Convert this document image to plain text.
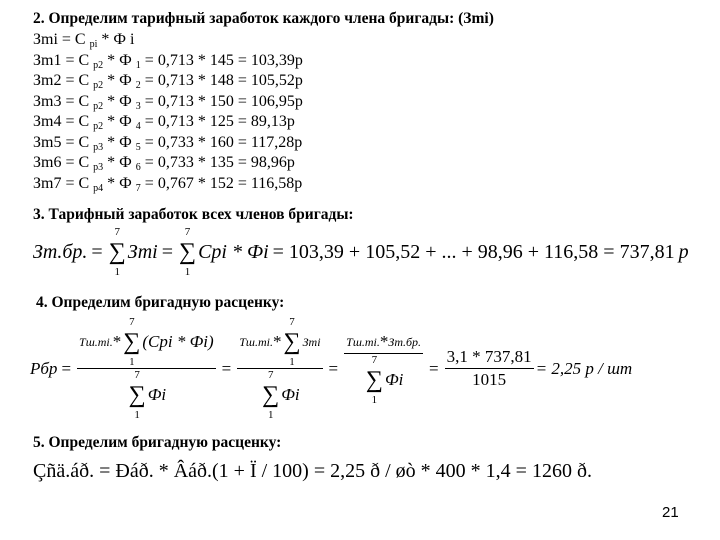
2. Определим тарифный заработок каждого члена бригады: (Зmi)
Зmi = С $_{pi}$ * Ф i
Зm1 = С $_{p2}$ * Ф $_1$ = 0,713 * 145 = 103,39р
Зm2 = С $_{p2}$ * Ф $_2$ = 0,713 * 148 = 105,52р
Зm3 = С $_{p2}$ * Ф $_3$ = 0,713 * 150 = 106,95р
Зm4 = С $_{p2}$ * Ф $_4$ = 0,713 * 125 = 89,13р
Зm5 = С $_{p3}$ * Ф $_5$ = 0,733 * 160 = 117,28р
Зm6 = С $_{p3}$ * Ф $_6$ = 0,733 * 135 = 98,96р
Зm7 = С $_{p4}$ * Ф $_7$ = 0,767 * 152 = 116,58р
3. Тарифный заработок всех членов бригады:
Зm.бр. =
7
∑
1
Зmi =
7
∑
1
Cpi * Фi = 103,39 + 105,52 + ... + 98,96 + 116,58 = 737,81 p
4. Определим бригадную расценку:
Pбр = Tш.mi. *
7
∑
1
(Cpi * Фi)
7
∑
1
Фi = Tш.mi. *
7
∑
1
Зmi
7
∑
1
Фi = Tш.mi. * Зm.бр.
7
∑
1
Фi = $\frac{3,1 * 737,81}{1015} = 2,25$ p / шт
5. Определим бригадную расценку:
Çñä.áð. = Ðáð. * Âáð.(1 + Ï / 100) = 2,25 ð / øò * 400 * 1,4 = 1260 ð.
21
